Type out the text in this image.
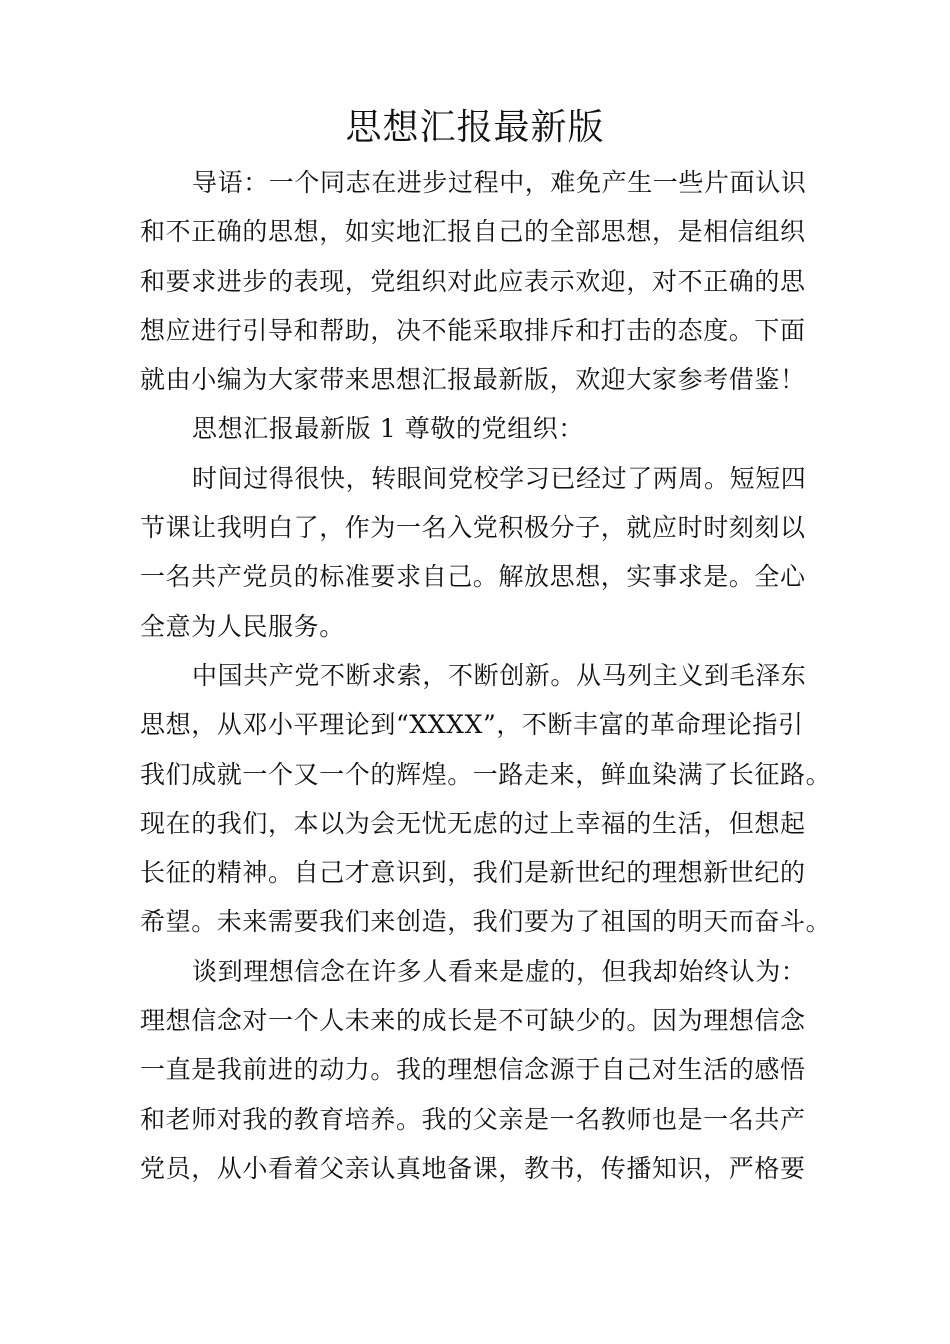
思想汇报最新版
导语：一个同志在进步过程中，难免产生一些片面认识
和不正确的思想，如实地汇报自己的全部思想，是相信组织
和要求进步的表现，党组织对此应表示欢迎，对不正确的思
想应进行引导和帮助，决不能采取排斥和打击的态度。下面
就由小编为大家带来思想汇报最新版，欢迎大家参考借鉴！
思想汇报最新版 1 尊敬的党组织：
时间过得很快，转眼间党校学习已经过了两周。短短四
节课让我明白了，作为一名入党积极分子，就应时时刻刻以
一名共产党员的标准要求自己。解放思想，实事求是。全心
全意为人民服务。
中国共产党不断求索，不断创新。从马列主义到毛泽东
思想，从邓小平理论到“XXXX”，不断丰富的革命理论指引
我们成就一个又一个的辉煌。一路走来，鲜血染满了长征路。
现在的我们，本以为会无忧无虑的过上幸福的生活，但想起
长征的精神。自己才意识到，我们是新世纪的理想新世纪的
希望。未来需要我们来创造，我们要为了祖国的明天而奋斗。
谈到理想信念在许多人看来是虚的，但我却始终认为：
理想信念对一个人未来的成长是不可缺少的。因为理想信念
一直是我前进的动力。我的理想信念源于自己对生活的感悟
和老师对我的教育培养。我的父亲是一名教师也是一名共产
党员，从小看着父亲认真地备课，教书，传播知识，严格要
